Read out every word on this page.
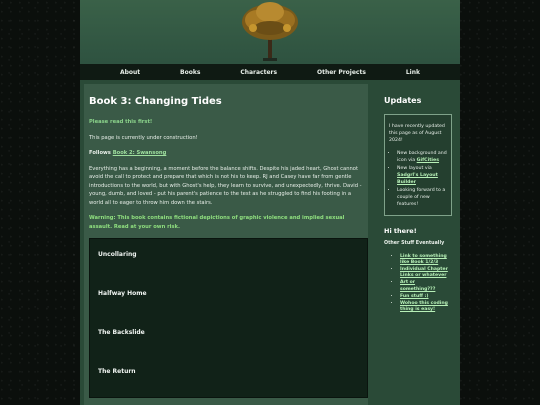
About	Books	Characters	Other Projects	Link
Book 3: Changing Tides

Please read this first!

This page is currently under construction!

Follows Book 2: Swansong

Everything has a beginning, a moment before the balance shifts. Despite his jaded heart, Ghost cannot avoid the call to protect and prepare that which is not his to keep. RJ and Casey have far from gentle introductions to the world, but with Ghost's help, they learn to survive, and unexpectedly, thrive. David - young, dumb, and loved - put his parent's patience to the test as he struggled to find his footing in a world all to eager to throw him down the stairs.

Warning: This book contains fictional depictions of graphic violence and implied sexual assault. Read at your own risk.

Uncollaring
Halfway Home
The Backslide
The Return
Updates
I have recently updated this page as of August 2024!
• New background and icon via GifCities
• New layout via Sadgrl's Layout Builder
• Looking forward to a couple of new features!
Hi there!
Other Stuff Eventually
• Link to something like Book 1/2/3
• Individual Chapter Links or whatever
• Art or something???
• Fun stuff :)
• Wohoo this coding thing is easy!
